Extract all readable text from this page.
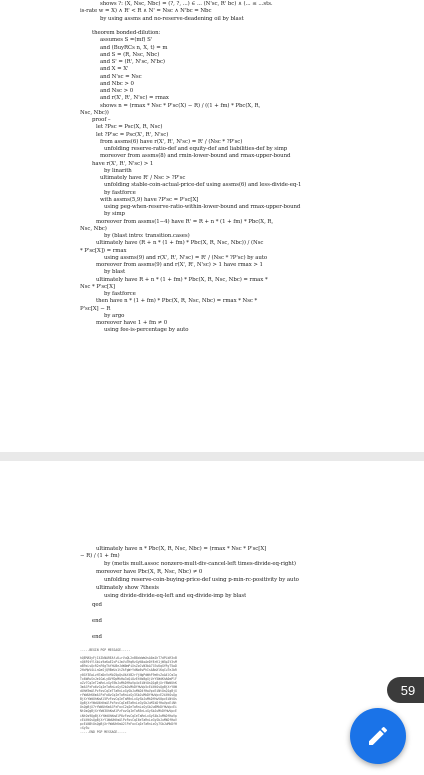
shows ?: (X, Nsc, Nbc) = (?, ?, ...) ∈ ... (N'sc, R' bc) ∧ (... ≤ ...sts.
is-rate w = X) ∧ R' < R ∧ N' = Nsc ∧ N'bc = Nbc
by using assms and no-reserve-deadening oil by blast
theorem bonded-dilution:
assumes S =(mf) S'
and (BuyRCs n, X, t) = m
and S = (R, Nsc, Nbc)
and S' = (R', N'sc, N'bc)
and X = X'
and N'sc = Nsc
and Nbc > 0
and Nsc > 0
and r(X', R', N'sc) = rmax
shows n = (rmax * Nsc * P'sc(X) − R) / ((1 + fm) * Pbc(X, R,
Nsc, Nbc))
proof –
let ?Psc = Psc(X, R, Nsc)
let ?P'sc = Psc(X', R', N'sc)
from assms(6) have r(X', R', N'sc) = R' / (Nsc * ?P'sc)
unfolding reserve-ratio-def and equity-def and liabilities-def by simp
moreover from assms(8) and rmin-lower-bound and rmax-upper-bound
have r(X', R', N'sc) > 1
by linarith
ultimately have R' / Nsc > ?P'sc
unfolding stable-coin-actual-price-def using assms(6) and less-divide-eq-1
by fastforce
with assms(5,9) have ?P'sc = P'sc[X]
using peg-when-reserve-ratio-within-lower-bound and rmax-upper-bound
by simp
moreover from assms(1−4) have R' = R + n * (1 + fm) * Pbc(X, R,
Nsc, Nbc)
by (blast intro: transition.cases)
ultimately have (R + n * (1 + fm) * Pbc(X, R, Nsc, Nbc)) / (Nsc
* P'sc[X]) = rmax
using assms(9) and r(X', R', N'sc) = R' / (Nsc * ?P'sc) by auto
moreover from assms(9) and r(X', R', N'sc) > 1 have rmax > 1
by blast
ultimately have R + n * (1 + fm) * Pbc(X, R, Nsc, Nbc) = rmax *
Nsc * P'sc[X]
by fastforce
then have n * (1 + fm) * Pbc(X, R, Nsc, Nbc) = rmax * Nsc *
P'sc[X] − R
by argo
moreover have 1 + fm ≠ 0
using fee-is-percentage by auto
ultimately have n * Pbc(X, R, Nsc, Nbc) = (rmax * Nsc * P'sc[X]
− R) / (1 + fm)
by (metis mult.assoc nonzero-mult-div-cancel-left times-divide-eq-right)
moreover have Pbc(X, R, Nsc, Nbc) ≠ 0
unfolding reserve-coin-buying-price-def using p-min-rc-positivity by auto
ultimately show ?thesis
using divide-divide-eq-left and eq-divide-imp by blast
qed
end
end
-----BEGIN PGP MESSAGE-----
hQEMA5yFjI4ZkNAREAf+K+rVuQL2nB8dcWmXsA0a1hT7dPLkR3vB
nQ6F0tYlXbLs9aKwE2cPiJmVuTHqRzGyN4oAeDf8rK1jW5pZt3sM
aB9xLvQcR2nF6gTkYhU8eJdW0mPiXsZoCvN3bA7lEuKqGfRyT5wD
2HcMpV4iLnOaSjQ9BeUx1tZkFgWrYdNo6vPhIsA8mXlKqCuTeJbR
y0Gf3EwLzH7aDnVcMiO5pQsUkXtB2rYjNgPdWhF9eKvZoA4lCmIq
Tx6bRuSnJe1GaLy8VfDpMkHw3cQiOzEtNsBgXjUrY5WdKhA0mPlF
oZv7CqIeT2aRnLxGyS9bJuMkDfHwVp4cEiNtOsQ1gBjXrY8WdUhK
3mAlPzFo6vCqIeTaRnLxGyS2bJuMkDfHwVp5cEiNtOsQgBjXrY0W
dUhK9mAlPzFovCqIeT7aRnLxGySbJuMkD4fHwVpcEiNtOsQ1gBjX
rYWdUhK6mAlPzFo8vCqIeTaRnLxGy3SbJuMkDfHwVpcE2iNtOsQg
BjXrYWdUhKmAl5PzFovCqIeTaR9nLxGySbJuMkDfHwV0pcEiNtOs
QgBjXrYWdU4hKmAlPzFovCqIe8TaRnLxGySbJuM1kDfHwVpcEiNt
OsQgBjX7rYWdUhKmAlPzFovC2qIeTaRnLxGySbJu6MkDfHwVpcEi
NtOsQgBjXrYWd3UhKmAlPzFovCqIeTaR5nLxGySbJuMkDfHwVpcE
iNtOs9QgBjXrYWdUhKmAlP0zFovCqIeTaRnLxGyS4bJuMkDfHwVp
cEiNtOsQgBjXrY1WdUhKmAlPzFovCqI6eTaRnLxGySbJuMkDfHwV
pcEiN8tOsQgBjXrYWdUhKmA2lPzFovCqIeTaRnLxGy7SbJuMkDfH
=Xy3u
-----END PGP MESSAGE-----
59
